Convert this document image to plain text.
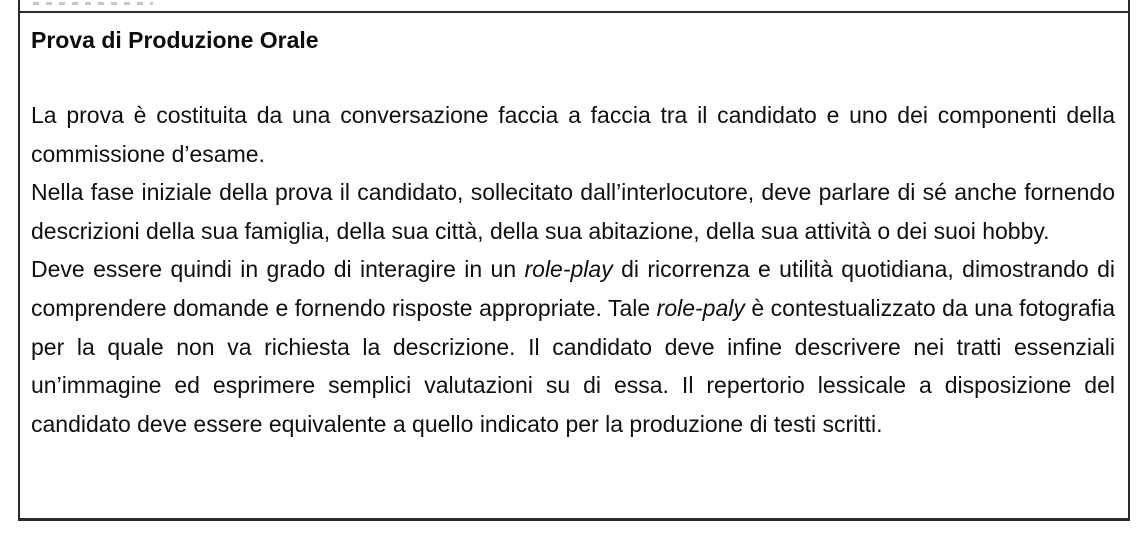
Prova di Produzione Orale

La prova è costituita da una conversazione faccia a faccia tra il candidato e uno dei componenti della commissione d’esame.

Nella fase iniziale della prova il candidato, sollecitato dall’interlocutore, deve parlare di sé anche fornendo descrizioni della sua famiglia, della sua città, della sua abitazione, della sua attività o dei suoi hobby.

Deve essere quindi in grado di interagire in un role-play di ricorrenza e utilità quotidiana, dimostrando di comprendere domande e fornendo risposte appropriate. Tale role-paly è contestualizzato da una fotografia per la quale non va richiesta la descrizione. Il candidato deve infine descrivere nei tratti essenziali un’immagine ed esprimere semplici valutazioni su di essa. Il repertorio lessicale a disposizione del candidato deve essere equivalente a quello indicato per la produzione di testi scritti.
